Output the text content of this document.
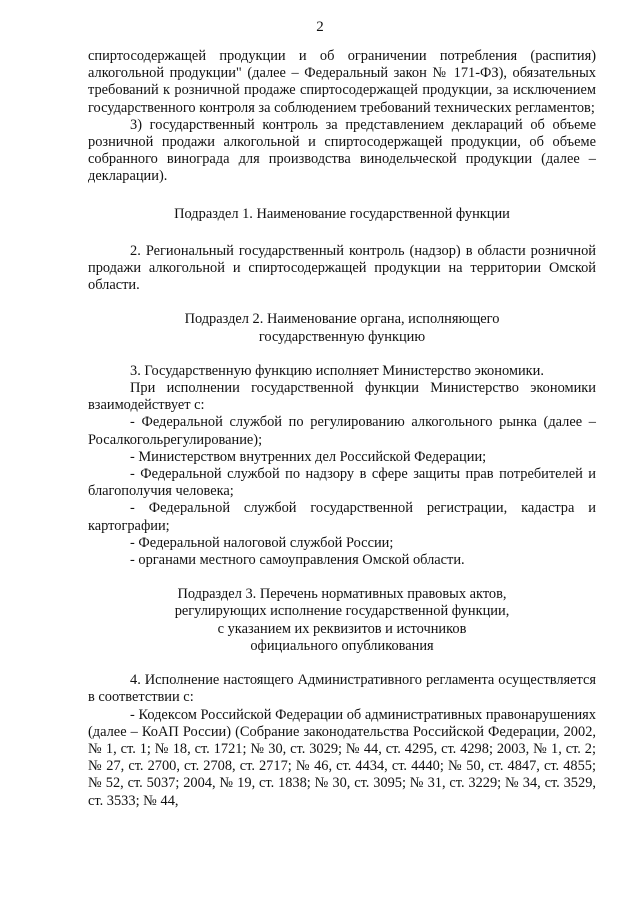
2

спиртосодержащей продукции и об ограничении потребления (распития) алкогольной продукции" (далее – Федеральный закон № 171-ФЗ), обязательных требований к розничной продаже спиртосодержащей продукции, за исключением государственного контроля за соблюдением требований технических регламентов;

3) государственный контроль за представлением деклараций об объеме розничной продажи алкогольной и спиртосодержащей продукции, об объеме собранного винограда для производства винодельческой продукции (далее – декларации).

Подраздел 1. Наименование государственной функции

2. Региональный государственный контроль (надзор) в области розничной продажи алкогольной и спиртосодержащей продукции на территории Омской области.

Подраздел 2. Наименование органа, исполняющего

государственную функцию

3. Государственную функцию исполняет Министерство экономики.

При исполнении государственной функции Министерство экономики взаимодействует с:

- Федеральной службой по регулированию алкогольного рынка (далее – Росалкогольрегулирование);

- Министерством внутренних дел Российской Федерации;

- Федеральной службой по надзору в сфере защиты прав потребителей и благополучия человека;

- Федеральной службой государственной регистрации, кадастра и картографии;

- Федеральной налоговой службой России;

- органами местного самоуправления Омской области.

Подраздел 3. Перечень нормативных правовых актов,

регулирующих исполнение государственной функции,

с указанием их реквизитов и источников

официального опубликования

4. Исполнение настоящего Административного регламента осуществляется в соответствии с:

- Кодексом Российской Федерации об административных правонарушениях (далее – КоАП России) (Собрание законодательства Российской Федерации, 2002, № 1, ст. 1; № 18, ст. 1721; № 30, ст. 3029; № 44, ст. 4295, ст. 4298; 2003, № 1, ст. 2; № 27, ст. 2700, ст. 2708, ст. 2717; № 46, ст. 4434, ст. 4440; № 50, ст. 4847, ст. 4855; № 52, ст. 5037; 2004, № 19, ст. 1838; № 30, ст. 3095; № 31, ст. 3229; № 34, ст. 3529, ст. 3533; № 44,
